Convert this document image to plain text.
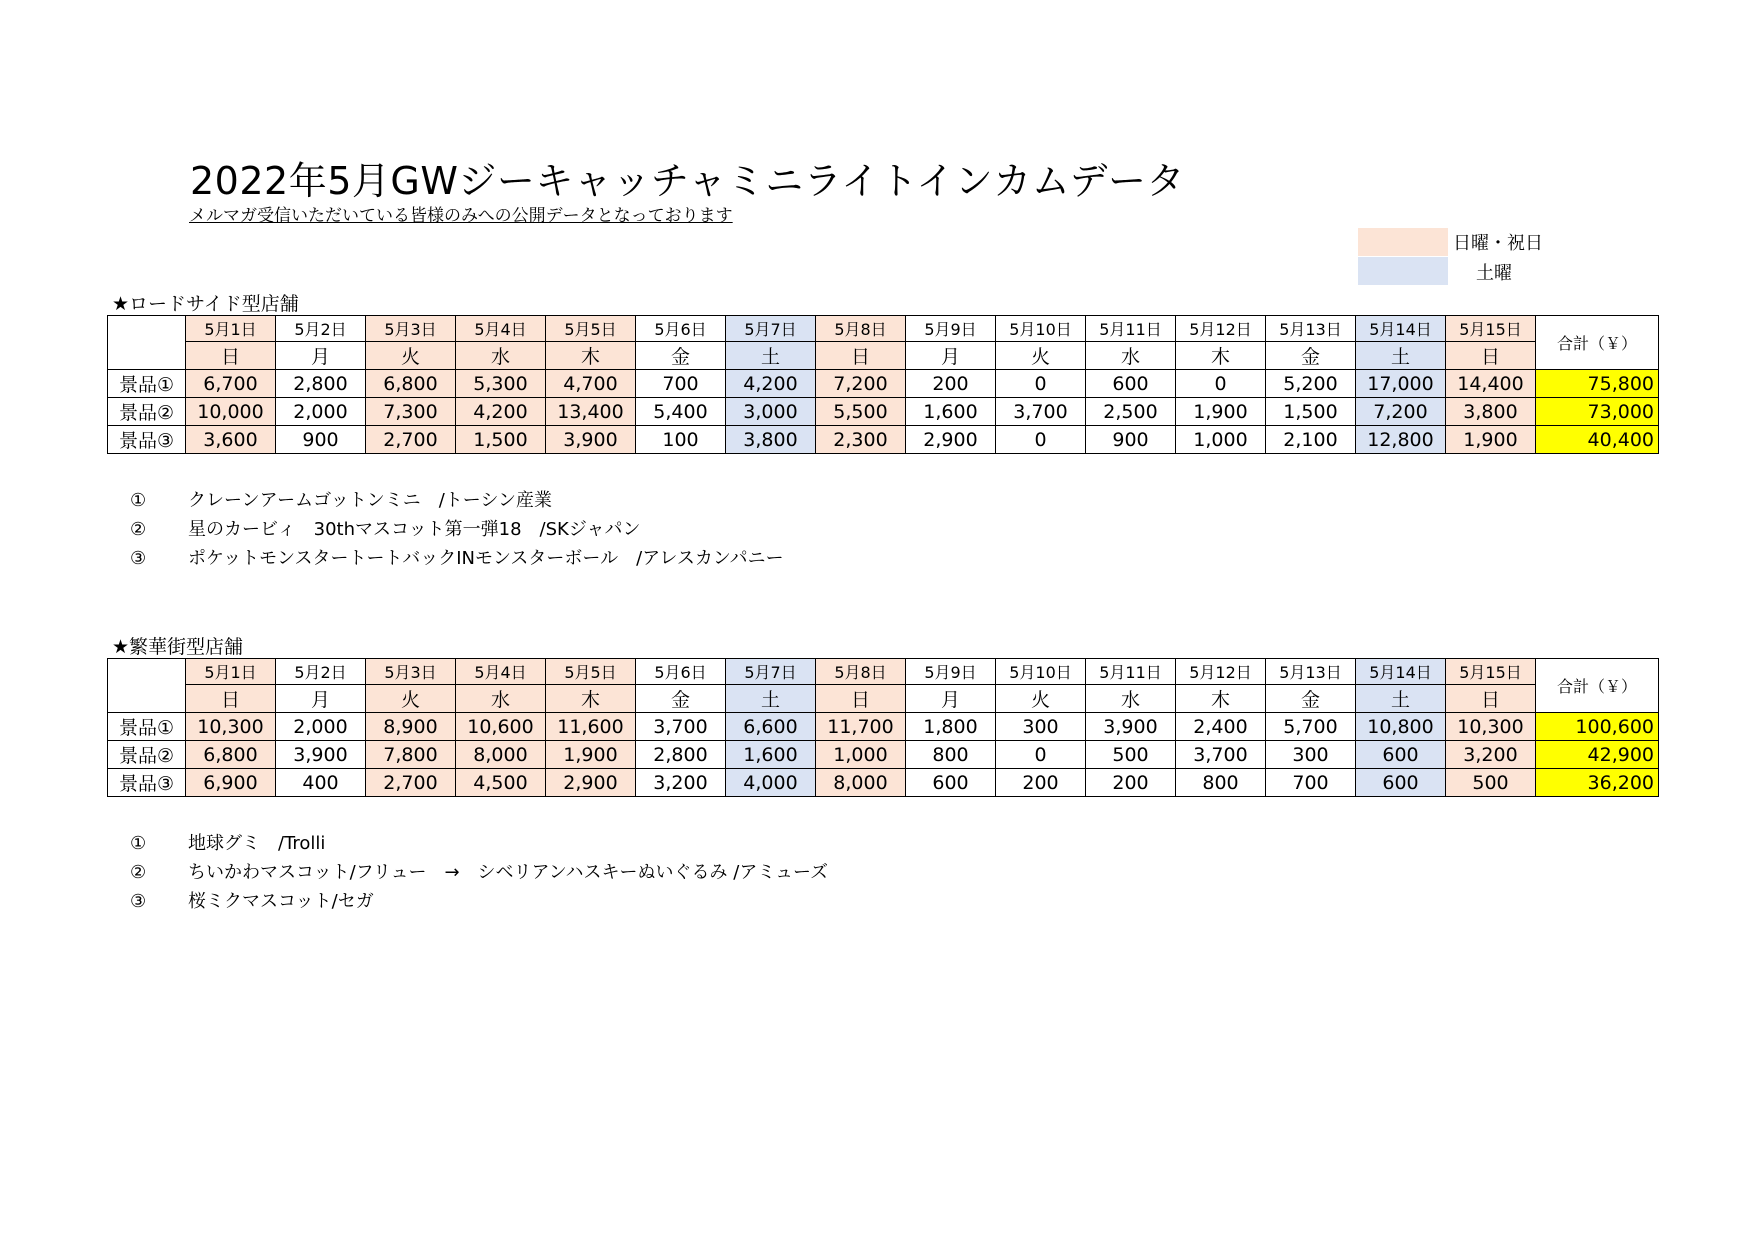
2022年5月GWジーキャッチャミニライトインカムデータ
メルマガ受信いただいている皆様のみへの公開データとなっております
日曜・祝日
土曜
★ロードサイド型店舗
	5月1日	5月2日	5月3日	5月4日	5月5日	5月6日	5月7日	5月8日	5月9日	5月10日	5月11日	5月12日	5月13日	5月14日	5月15日	合計（￥）
	日	月	火	水	木	金	土	日	月	火	水	木	金	土	日	
景品①	6,700	2,800	6,800	5,300	4,700	700	4,200	7,200	200	0	600	0	5,200	17,000	14,400	75,800
景品②	10,000	2,000	7,300	4,200	13,400	5,400	3,000	5,500	1,600	3,700	2,500	1,900	1,500	7,200	3,800	73,000
景品③	3,600	900	2,700	1,500	3,900	100	3,800	2,300	2,900	0	900	1,000	2,100	12,800	1,900	40,400
① クレーンアームゴットンミニ　/トーシン産業
② 星のカービィ　30thマスコット第一弾18　/SKジャパン
③ ポケットモンスタートートバックINモンスターボール　/アレスカンパニー
★繁華街型店舗
	5月1日	5月2日	5月3日	5月4日	5月5日	5月6日	5月7日	5月8日	5月9日	5月10日	5月11日	5月12日	5月13日	5月14日	5月15日	合計（￥）
	日	月	火	水	木	金	土	日	月	火	水	木	金	土	日	
景品①	10,300	2,000	8,900	10,600	11,600	3,700	6,600	11,700	1,800	300	3,900	2,400	5,700	10,800	10,300	100,600
景品②	6,800	3,900	7,800	8,000	1,900	2,800	1,600	1,000	800	0	500	3,700	300	600	3,200	42,900
景品③	6,900	400	2,700	4,500	2,900	3,200	4,000	8,000	600	200	200	800	700	600	500	36,200
① 地球グミ　/Trolli
② ちいかわマスコット/フリュー　→　シベリアンハスキーぬいぐるみ /アミューズ
③ 桜ミクマスコット/セガ
